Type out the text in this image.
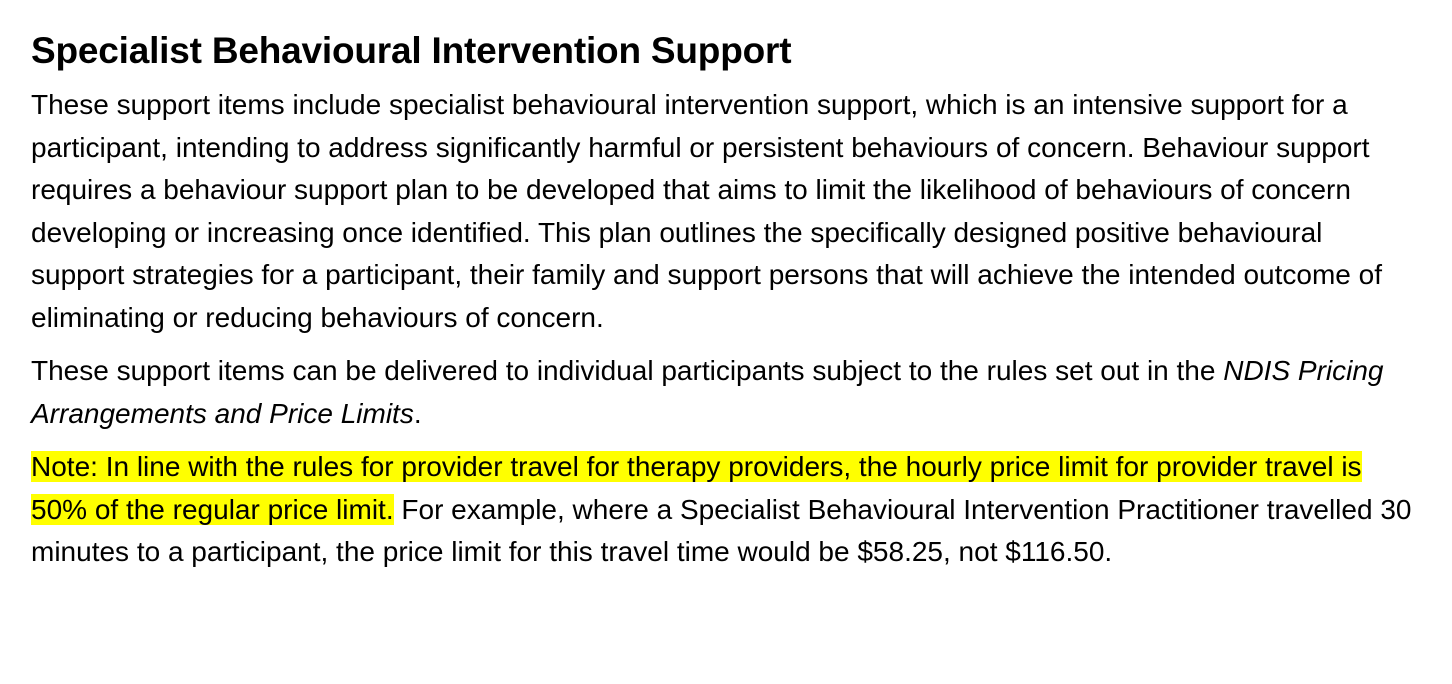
Specialist Behavioural Intervention Support

These support items include specialist behavioural intervention support, which is an intensive support for a participant, intending to address significantly harmful or persistent behaviours of concern. Behaviour support requires a behaviour support plan to be developed that aims to limit the likelihood of behaviours of concern developing or increasing once identified. This plan outlines the specifically designed positive behavioural support strategies for a participant, their family and support persons that will achieve the intended outcome of eliminating or reducing behaviours of concern.

These support items can be delivered to individual participants subject to the rules set out in the NDIS Pricing Arrangements and Price Limits.

Note: In line with the rules for provider travel for therapy providers, the hourly price limit for provider travel is 50% of the regular price limit. For example, where a Specialist Behavioural Intervention Practitioner travelled 30 minutes to a participant, the price limit for this travel time would be $58.25, not $116.50.
